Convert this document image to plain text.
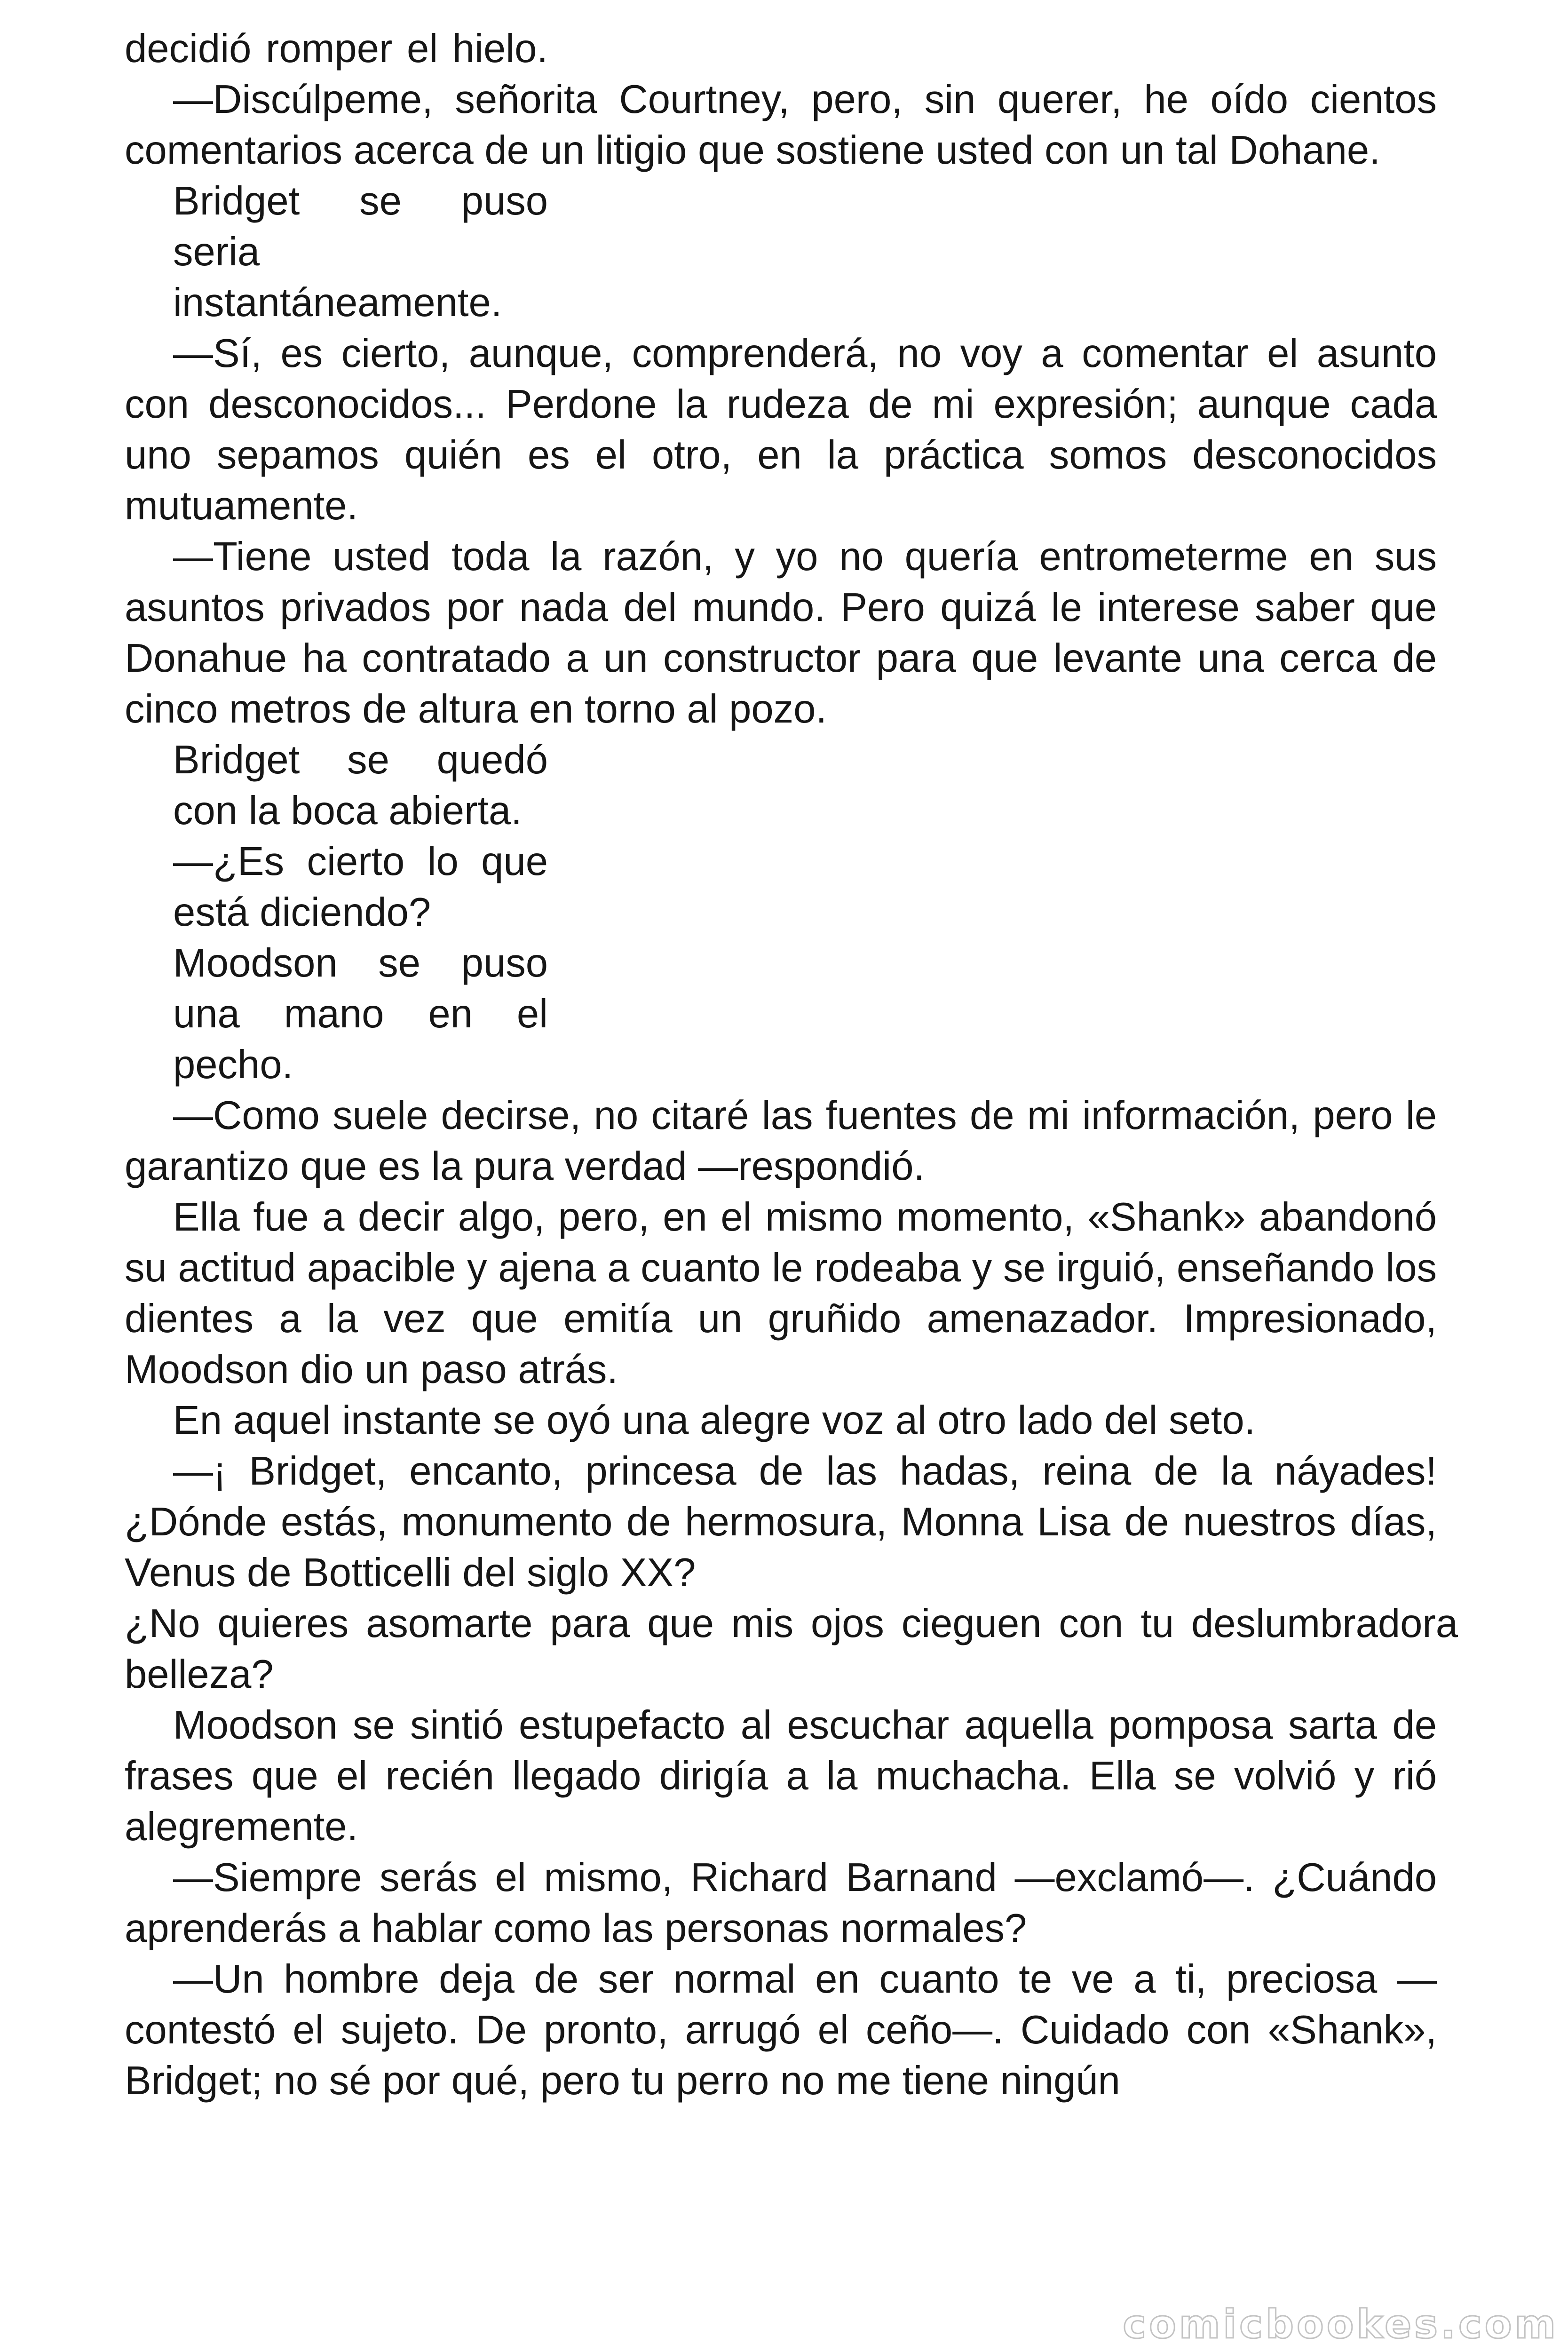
decidió romper el hielo.

—Discúlpeme, señorita Courtney, pero, sin querer, he oído cientos comentarios acerca de un litigio que sostiene usted con un tal Dohane.

Bridget se puso seria instantáneamente.

—Sí, es cierto, aunque, comprenderá, no voy a comentar el asunto con desconocidos... Perdone la rudeza de mi expresión; aunque cada uno sepamos quién es el otro, en la práctica somos desconocidos mutuamente.

—Tiene usted toda la razón, y yo no quería entrometerme en sus asuntos privados por nada del mundo. Pero quizá le interese saber que Donahue ha contratado a un constructor para que levante una cerca de cinco metros de altura en torno al pozo.

Bridget se quedó con la boca abierta.

—¿Es cierto lo que está diciendo?

Moodson se puso una mano en el pecho.

—Como suele decirse, no citaré las fuentes de mi información, pero le garantizo que es la pura verdad —respondió.

Ella fue a decir algo, pero, en el mismo momento, «Shank» abandonó su actitud apacible y ajena a cuanto le rodeaba y se irguió, enseñando los dientes a la vez que emitía un gruñido amenazador. Impresionado, Moodson dio un paso atrás.

En aquel instante se oyó una alegre voz al otro lado del seto.

—¡ Bridget, encanto, princesa de las hadas, reina de la náyades! ¿Dónde estás, monumento de hermosura, Monna Lisa de nuestros días, Venus de Botticelli del siglo XX?

¿No quieres asomarte para que mis ojos cieguen con tu deslumbradora belleza?

Moodson se sintió estupefacto al escuchar aquella pomposa sarta de frases que el recién llegado dirigía a la muchacha. Ella se volvió y rió alegremente.

—Siempre serás el mismo, Richard Barnand —exclamó—. ¿Cuándo aprenderás a hablar como las personas normales?

—Un hombre deja de ser normal en cuanto te ve a ti, preciosa —contestó el sujeto. De pronto, arrugó el ceño—. Cuidado con «Shank», Bridget; no sé por qué, pero tu perro no me tiene ningún

comicbookes.com
